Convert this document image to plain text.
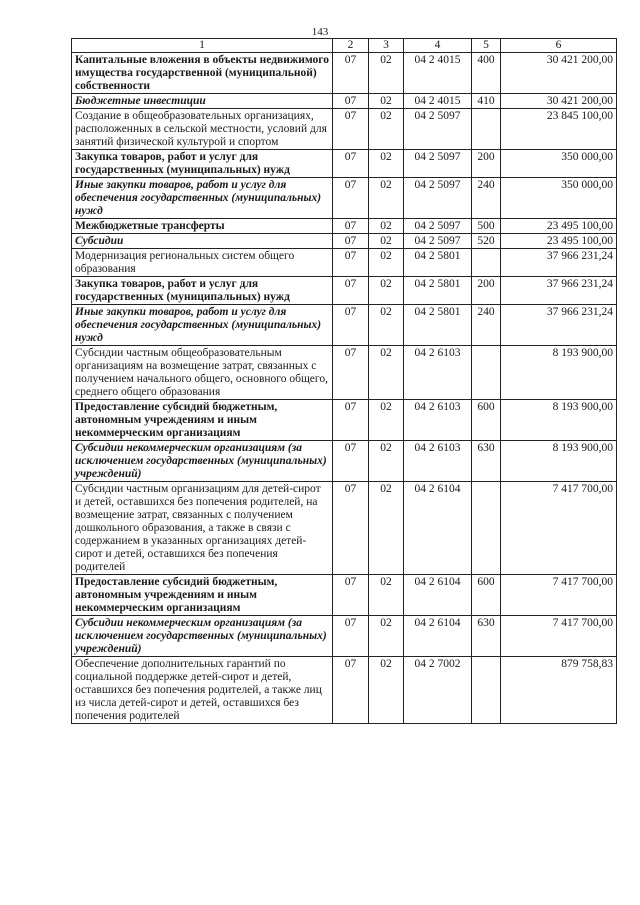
143
1	2	3	4	5	6
Капитальные вложения в объекты недвижимого имущества государственной (муниципальной) собственности	07	02	04 2 4015	400	30 421 200,00
Бюджетные инвестиции	07	02	04 2 4015	410	30 421 200,00
Создание в общеобразовательных организациях, расположенных в сельской местности, условий для занятий физической культурой и спортом	07	02	04 2 5097		23 845 100,00
Закупка товаров, работ и услуг для государственных (муниципальных) нужд	07	02	04 2 5097	200	350 000,00
Иные закупки товаров, работ и услуг для обеспечения государственных (муниципальных) нужд	07	02	04 2 5097	240	350 000,00
Межбюджетные трансферты	07	02	04 2 5097	500	23 495 100,00
Субсидии	07	02	04 2 5097	520	23 495 100,00
Модернизация региональных систем общего образования	07	02	04 2 5801		37 966 231,24
Закупка товаров, работ и услуг для государственных (муниципальных) нужд	07	02	04 2 5801	200	37 966 231,24
Иные закупки товаров, работ и услуг для обеспечения государственных (муниципальных) нужд	07	02	04 2 5801	240	37 966 231,24
Субсидии частным общеобразовательным организациям на возмещение затрат, связанных с получением начального общего, основного общего, среднего общего образования	07	02	04 2 6103		8 193 900,00
Предоставление субсидий бюджетным, автономным учреждениям и иным некоммерческим организациям	07	02	04 2 6103	600	8 193 900,00
Субсидии некоммерческим организациям (за исключением государственных (муниципальных) учреждений)	07	02	04 2 6103	630	8 193 900,00
Субсидии частным организациям для детей-сирот и детей, оставшихся без попечения родителей, на возмещение затрат, связанных с получением дошкольного образования, а также в связи с содержанием в указанных организациях детей-сирот и детей, оставшихся без попечения родителей	07	02	04 2 6104		7 417 700,00
Предоставление субсидий бюджетным, автономным учреждениям и иным некоммерческим организациям	07	02	04 2 6104	600	7 417 700,00
Субсидии некоммерческим организациям (за исключением государственных (муниципальных) учреждений)	07	02	04 2 6104	630	7 417 700,00
Обеспечение дополнительных гарантий по социальной поддержке детей-сирот и детей, оставшихся без попечения родителей, а также лиц из числа детей-сирот и детей, оставшихся без попечения родителей	07	02	04 2 7002		879 758,83
